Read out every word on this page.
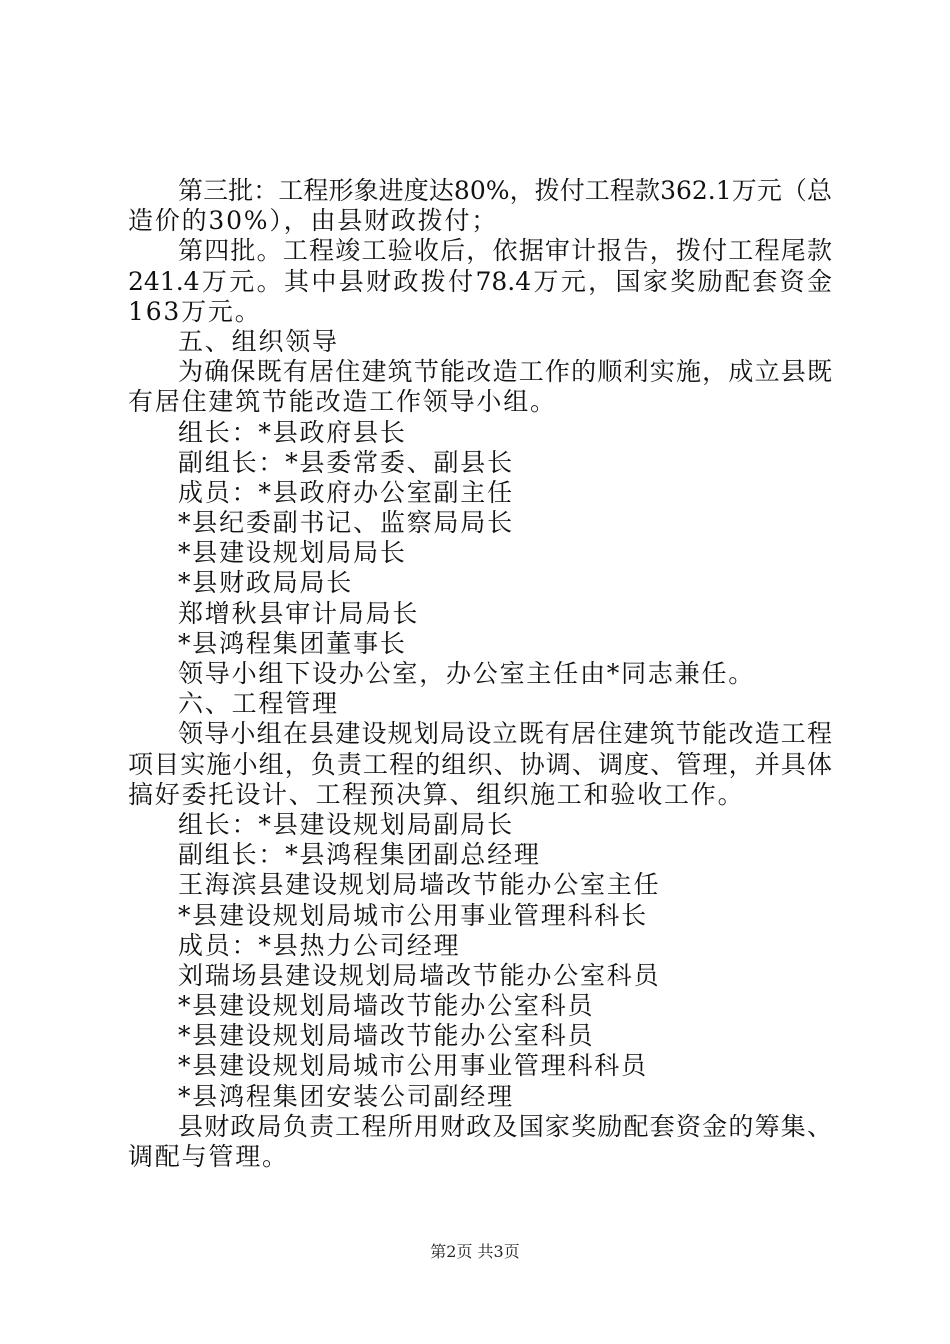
第三批：工程形象进度达80%，拨付工程款362.1万元（总
造价的30%），由县财政拨付；
第四批。工程竣工验收后，依据审计报告，拨付工程尾款
241.4万元。其中县财政拨付78.4万元，国家奖励配套资金
163万元。
五、组织领导
为确保既有居住建筑节能改造工作的顺利实施，成立县既
有居住建筑节能改造工作领导小组。
组长：*县政府县长
副组长：*县委常委、副县长
成员：*县政府办公室副主任
*县纪委副书记、监察局局长
*县建设规划局局长
*县财政局局长
郑增秋县审计局局长
*县鸿程集团董事长
领导小组下设办公室，办公室主任由*同志兼任。
六、工程管理
领导小组在县建设规划局设立既有居住建筑节能改造工程
项目实施小组，负责工程的组织、协调、调度、管理，并具体
搞好委托设计、工程预决算、组织施工和验收工作。
组长：*县建设规划局副局长
副组长：*县鸿程集团副总经理
王海滨县建设规划局墙改节能办公室主任
*县建设规划局城市公用事业管理科科长
成员：*县热力公司经理
刘瑞场县建设规划局墙改节能办公室科员
*县建设规划局墙改节能办公室科员
*县建设规划局墙改节能办公室科员
*县建设规划局城市公用事业管理科科员
*县鸿程集团安装公司副经理
县财政局负责工程所用财政及国家奖励配套资金的筹集、
调配与管理。
第2页 共3页
